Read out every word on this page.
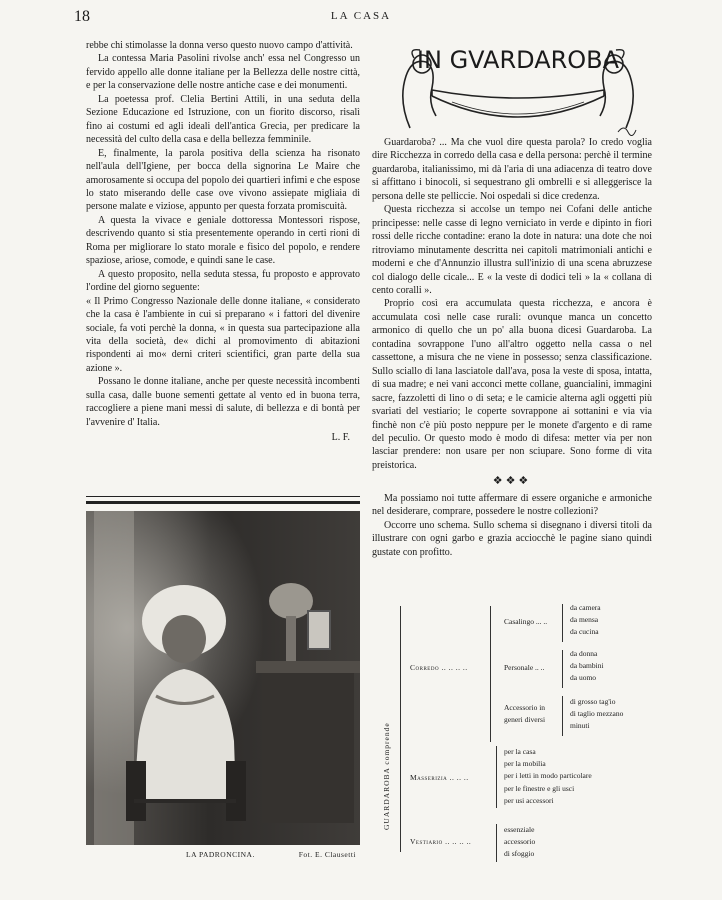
18	LA CASA

rebbe chi stimolasse la donna verso questo nuovo campo d'attività.

La contessa Maria Pasolini rivolse anch' essa nel Congresso un fervido appello alle donne italiane per la Bellezza delle nostre città, e per la conservazione delle nostre antiche case e dei monumenti.

La poetessa prof. Clelia Bertini Attili, in una seduta della Sezione Educazione ed Istruzione, con un fiorito discorso, risalì fino ai costumi ed agli ideali dell'antica Grecia, per predicare la necessità del culto della casa e della bellezza femminile.

E, finalmente, la parola positiva della scienza ha risonato nell'aula dell'Igiene, per bocca della signorina Le Maire che amorosamente si occupa del popolo dei quartieri infimi e che espose lo stato miserando delle case ove vivono assiepate migliaia di persone malate e viziose, appunto per questa forzata promiscuità.

A questa la vivace e geniale dottoressa Montessori rispose, descrivendo quanto si stia presentemente operando in certi rioni di Roma per migliorare lo stato morale e fisico del popolo, e rendere spaziose, ariose, comode, e quindi sane le case.

A questo proposito, nella seduta stessa, fu proposto e approvato l'ordine del giorno seguente:

« Il Primo Congresso Nazionale delle donne italiane, « considerato che la casa è l'ambiente in cui si preparano « i fattori del divenire sociale, fa voti perchè la donna, « in questa sua partecipazione alla vita della società, de« dichi al promovimento di abitazioni rispondenti ai mo« derni criteri scientifici, gran parte della sua azione ».

Possano le donne italiane, anche per queste necessità incombenti sulla casa, dalle buone sementi gettate al vento ed in buona terra, raccogliere a piene mani messi di salute, di bellezza e di bontà per l'avvenire d' Italia.

L. F.

LA PADRONCINA.	Fot. E. Clausetti
IN GVARDAROBA

Guardaroba? ... Ma che vuol dire questa parola? Io credo voglia dire Ricchezza in corredo della casa e della persona: perchè il termine guardaroba, italianissimo, mi dà l'aria di una adiacenza di teatro dove si affittano i binocoli, si sequestrano gli ombrelli e si alleggerisce la persona delle ste pelliccie. Noi ospedali si dice credenza.

Questa ricchezza si accolse un tempo nei Cofani delle antiche principesse: nelle casse di legno verniciato in verde e dipinto in fiori rossi delle ricche contadine: erano la dote in natura: una dote che noi ritroviamo minutamente descritta nei capitoli matrimoniali antichi e moderni e che d'Annunzio illustra sull'inizio di una scena abruzzese col dialogo delle cicale... E « la veste di dodici teli » la « collana di cento coralli ».

Proprio così era accumulata questa ricchezza, e ancora è accumulata così nelle case rurali: ovunque manca un concetto armonico di quello che un po' alla buona dicesi Guardaroba. La contadina sovrappone l'uno all'altro oggetto nella cassa o nel cassettone, a misura che ne viene in possesso; senza classificazione. Sullo sciallo di lana lasciatole dall'ava, posa la veste di sposa, intatta, di sua madre; e nei vani acconci mette collane, guancialini, immagini sacre, fazzoletti di lino o di seta; e le camicie alterna agli oggetti più svariati del vestiario; le coperte sovrappone ai sottanini e via via finchè non c'è più posto neppure per le monete d'argento e di rame del peculio. Or questo modo è modo di difesa: metter via per non lasciar prendere: non usare per non sciupare. Sono forme di vita preistorica.

❖❖❖

Ma possiamo noi tutte affermare di essere organiche e armoniche nel desiderare, comprare, possedere le nostre collezioni?

Occorre uno schema. Sullo schema si disegnano i diversi titoli da illustrare con ogni garbo e grazia acciocchè le pagine siano quindi gustate con profitto.

GUARDAROBA comprende
Corredo .. .. .. ..
Casalingo ... ..
da camera
da mensa
da cucina
Personale .. ..
da donna
da bambini
da uomo
Accessorio in generi diversi
di grosso tag'io
di taglio mezzano
minuti
Masserizia .. .. ..
per la casa
per la mobilia
per i letti in modo particolare
per le finestre e gli usci
per usi accessori
Vestiario .. .. .. ..
essenziale
accessorio
di sfoggio
